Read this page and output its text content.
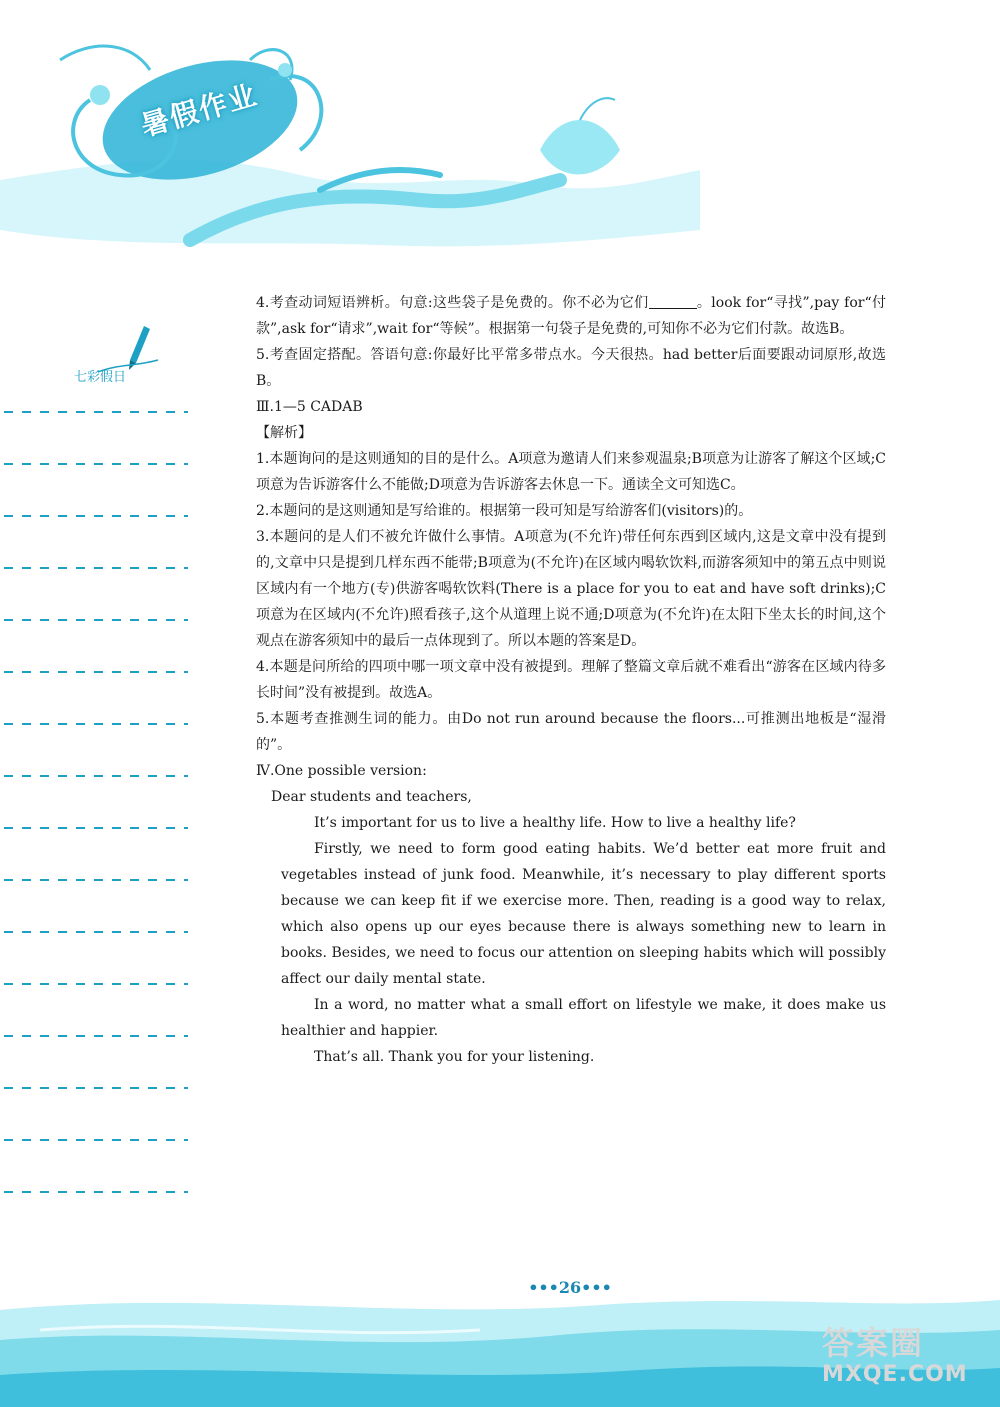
暑假作业
七彩假日

4.考查动词短语辨析。句意:这些袋子是免费的。你不必为它们	。look for“寻找”,pay for“付款”,ask for“请求”,wait for“等候”。根据第一句袋子是免费的,可知你不必为它们付款。故选B。

5.考查固定搭配。答语句意:你最好比平常多带点水。今天很热。had better后面要跟动词原形,故选B。

Ⅲ.1—5 CADAB

【解析】

1.本题询问的是这则通知的目的是什么。A项意为邀请人们来参观温泉;B项意为让游客了解这个区域;C项意为告诉游客什么不能做;D项意为告诉游客去休息一下。通读全文可知选C。

2.本题问的是这则通知是写给谁的。根据第一段可知是写给游客们(visitors)的。

3.本题问的是人们不被允许做什么事情。A项意为(不允许)带任何东西到区域内,这是文章中没有提到的,文章中只是提到几样东西不能带;B项意为(不允许)在区域内喝软饮料,而游客须知中的第五点中则说区域内有一个地方(专)供游客喝软饮料(There is a place for you to eat and have soft drinks);C项意为在区域内(不允许)照看孩子,这个从道理上说不通;D项意为(不允许)在太阳下坐太长的时间,这个观点在游客须知中的最后一点体现到了。所以本题的答案是D。

4.本题是问所给的四项中哪一项文章中没有被提到。理解了整篇文章后就不难看出“游客在区域内待多长时间”没有被提到。故选A。

5.本题考查推测生词的能力。由Do not run around because the floors...可推测出地板是“湿滑的”。

Ⅳ.One possible version:

Dear students and teachers,

It’s important for us to live a healthy life. How to live a healthy life?

Firstly, we need to form good eating habits. We’d better eat more fruit and vegetables instead of junk food. Meanwhile, it’s necessary to play different sports because we can keep fit if we exercise more. Then, reading is a good way to relax, which also opens up our eyes because there is always something new to learn in books. Besides, we need to focus our attention on sleeping habits which will possibly affect our daily mental state.

In a word, no matter what a small effort on lifestyle we make, it does make us healthier and happier.

That’s all. Thank you for your listening.

•••26•••
答案圈
MXQE.COM
